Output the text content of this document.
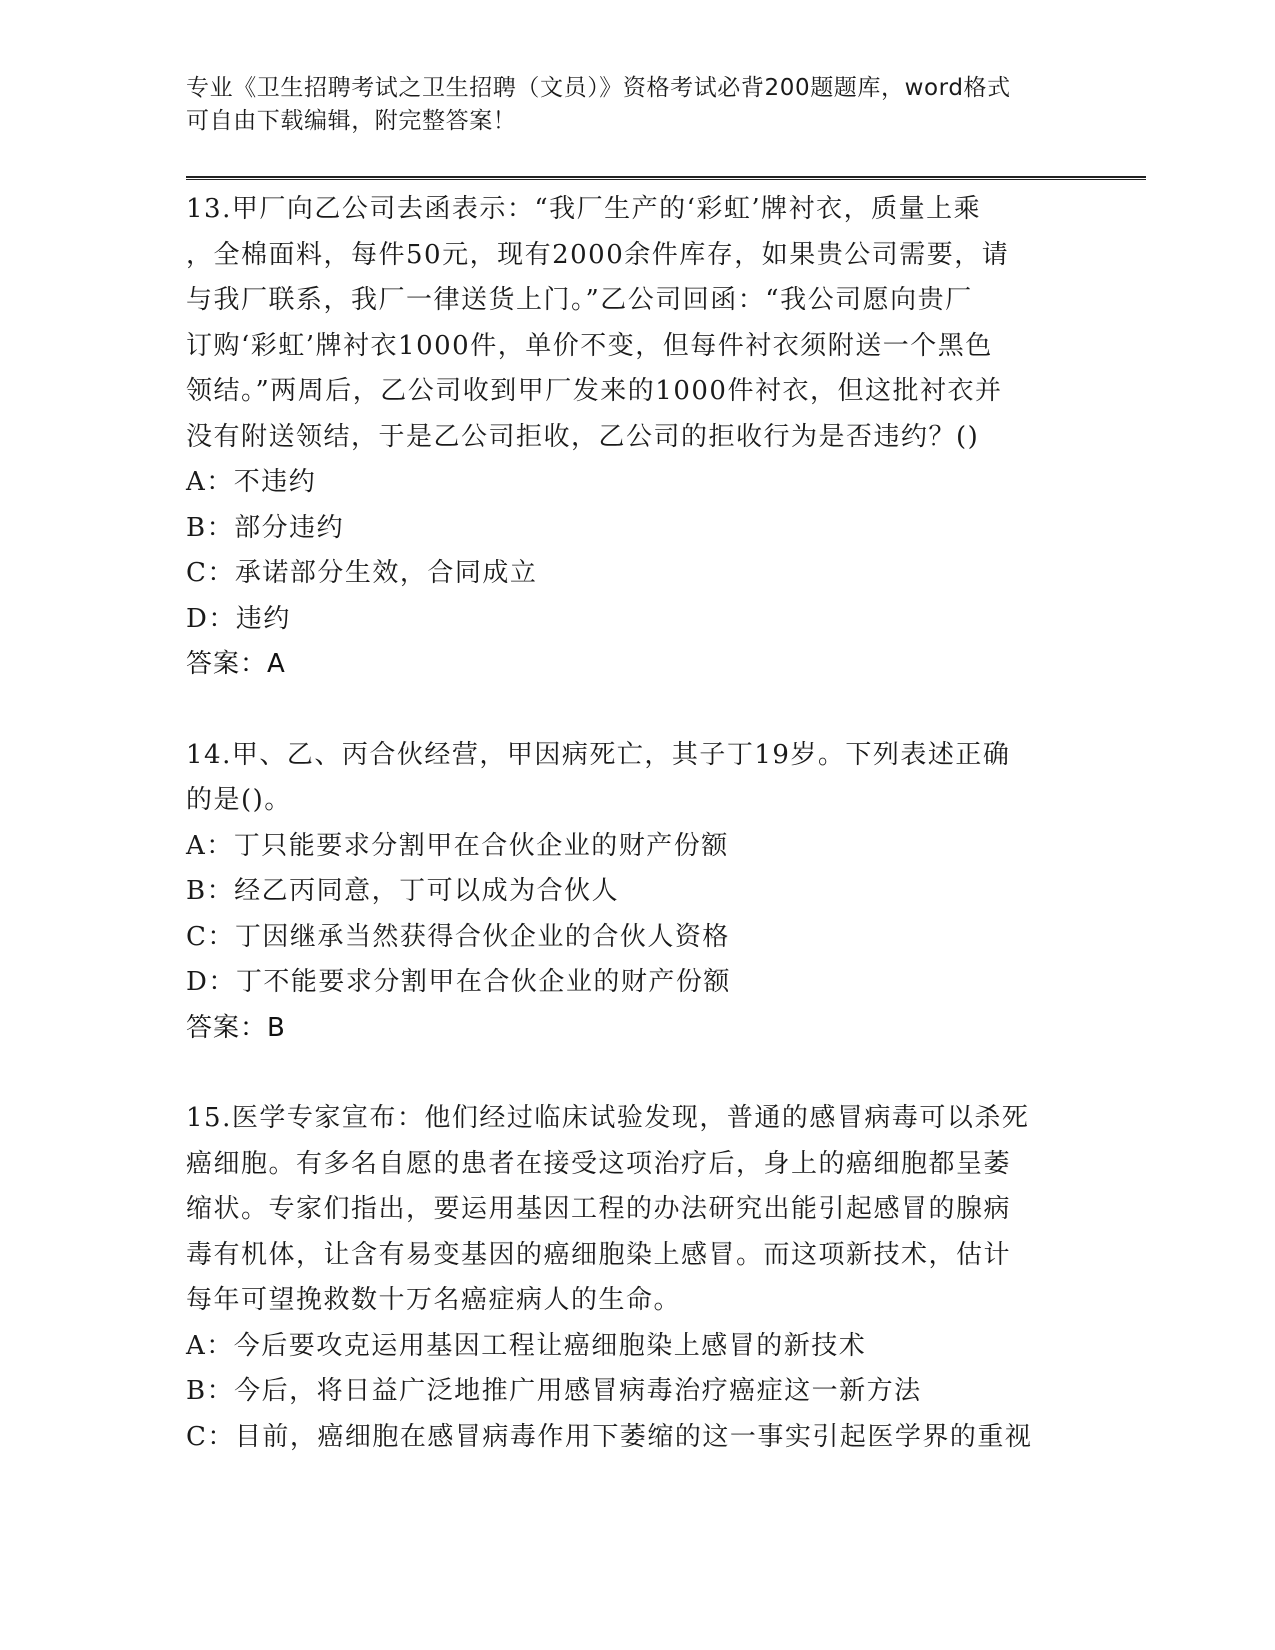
专业《卫生招聘考试之卫生招聘（文员）》资格考试必背200题题库，word格式
可自由下载编辑，附完整答案！
13.甲厂向乙公司去函表示：“我厂生产的‘彩虹’牌衬衣，质量上乘
，全棉面料，每件50元，现有2000余件库存，如果贵公司需要，请
与我厂联系，我厂一律送货上门。”乙公司回函：“我公司愿向贵厂
订购‘彩虹’牌衬衣1000件，单价不变，但每件衬衣须附送一个黑色
领结。”两周后，乙公司收到甲厂发来的1000件衬衣，但这批衬衣并
没有附送领结，于是乙公司拒收，乙公司的拒收行为是否违约？()
A：不违约
B：部分违约
C：承诺部分生效，合同成立
D：违约
答案：A
14.甲、乙、丙合伙经营，甲因病死亡，其子丁19岁。下列表述正确
的是()。
A：丁只能要求分割甲在合伙企业的财产份额
B：经乙丙同意，丁可以成为合伙人
C：丁因继承当然获得合伙企业的合伙人资格
D：丁不能要求分割甲在合伙企业的财产份额
答案：B
15.医学专家宣布：他们经过临床试验发现，普通的感冒病毒可以杀死
癌细胞。有多名自愿的患者在接受这项治疗后，身上的癌细胞都呈萎
缩状。专家们指出，要运用基因工程的办法研究出能引起感冒的腺病
毒有机体，让含有易变基因的癌细胞染上感冒。而这项新技术，估计
每年可望挽救数十万名癌症病人的生命。
A：今后要攻克运用基因工程让癌细胞染上感冒的新技术
B：今后，将日益广泛地推广用感冒病毒治疗癌症这一新方法
C：目前，癌细胞在感冒病毒作用下萎缩的这一事实引起医学界的重视
